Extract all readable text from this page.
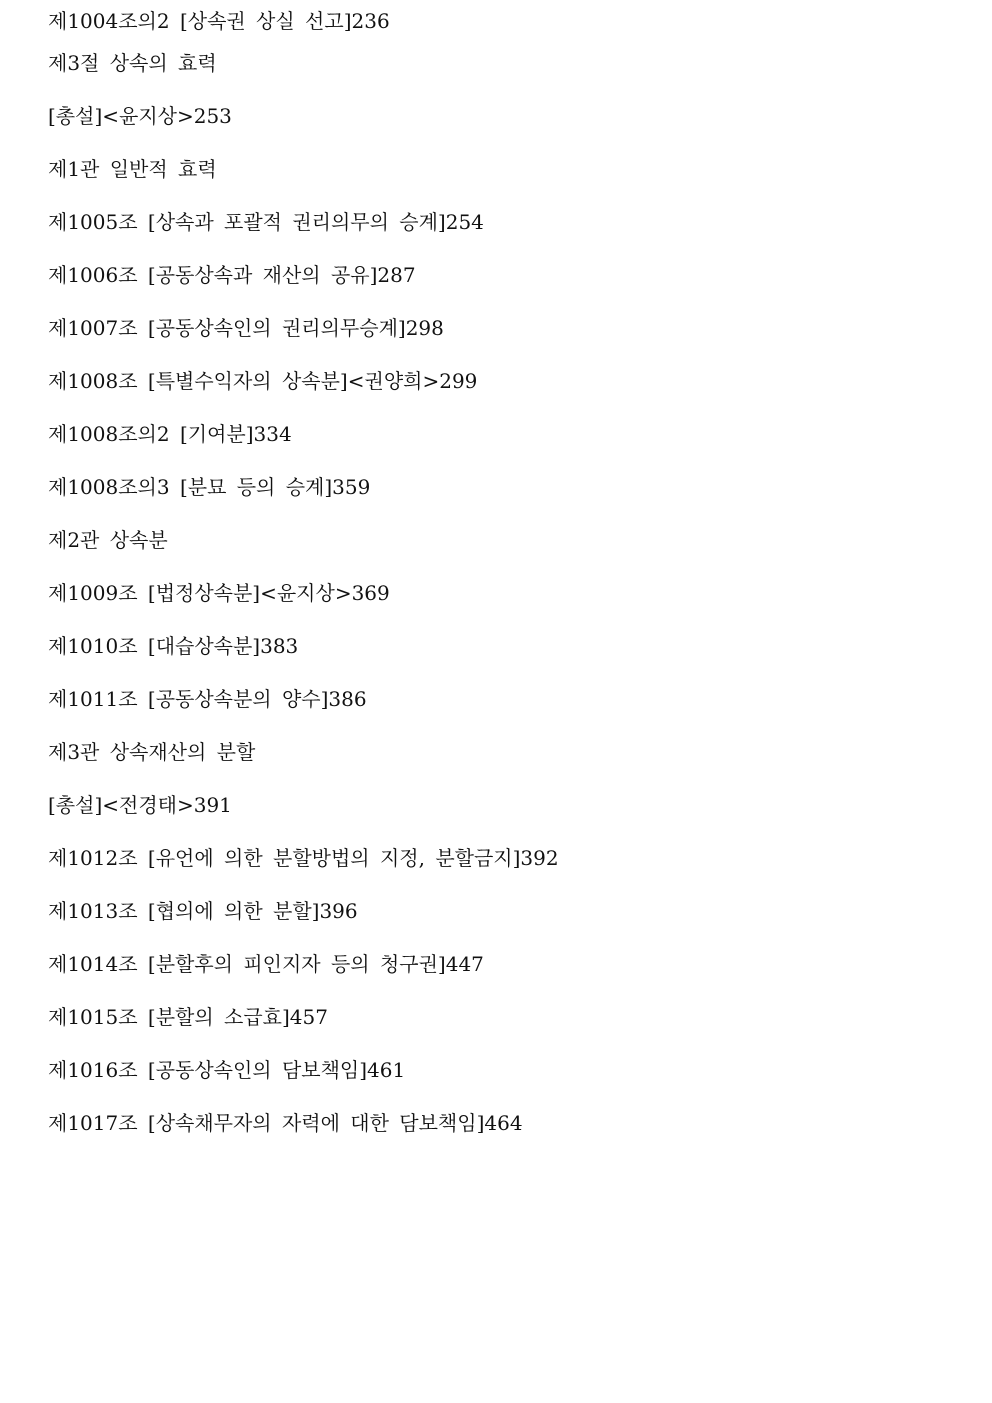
제1004조의2 [상속권 상실 선고]236
제3절 상속의 효력
[총설]<윤지상>253
제1관 일반적 효력
제1005조 [상속과 포괄적 권리의무의 승계]254
제1006조 [공동상속과 재산의 공유]287
제1007조 [공동상속인의 권리의무승계]298
제1008조 [특별수익자의 상속분]<권양희>299
제1008조의2 [기여분]334
제1008조의3 [분묘 등의 승계]359
제2관 상속분
제1009조 [법정상속분]<윤지상>369
제1010조 [대습상속분]383
제1011조 [공동상속분의 양수]386
제3관 상속재산의 분할
[총설]<전경태>391
제1012조 [유언에 의한 분할방법의 지정, 분할금지]392
제1013조 [협의에 의한 분할]396
제1014조 [분할후의 피인지자 등의 청구권]447
제1015조 [분할의 소급효]457
제1016조 [공동상속인의 담보책임]461
제1017조 [상속채무자의 자력에 대한 담보책임]464
